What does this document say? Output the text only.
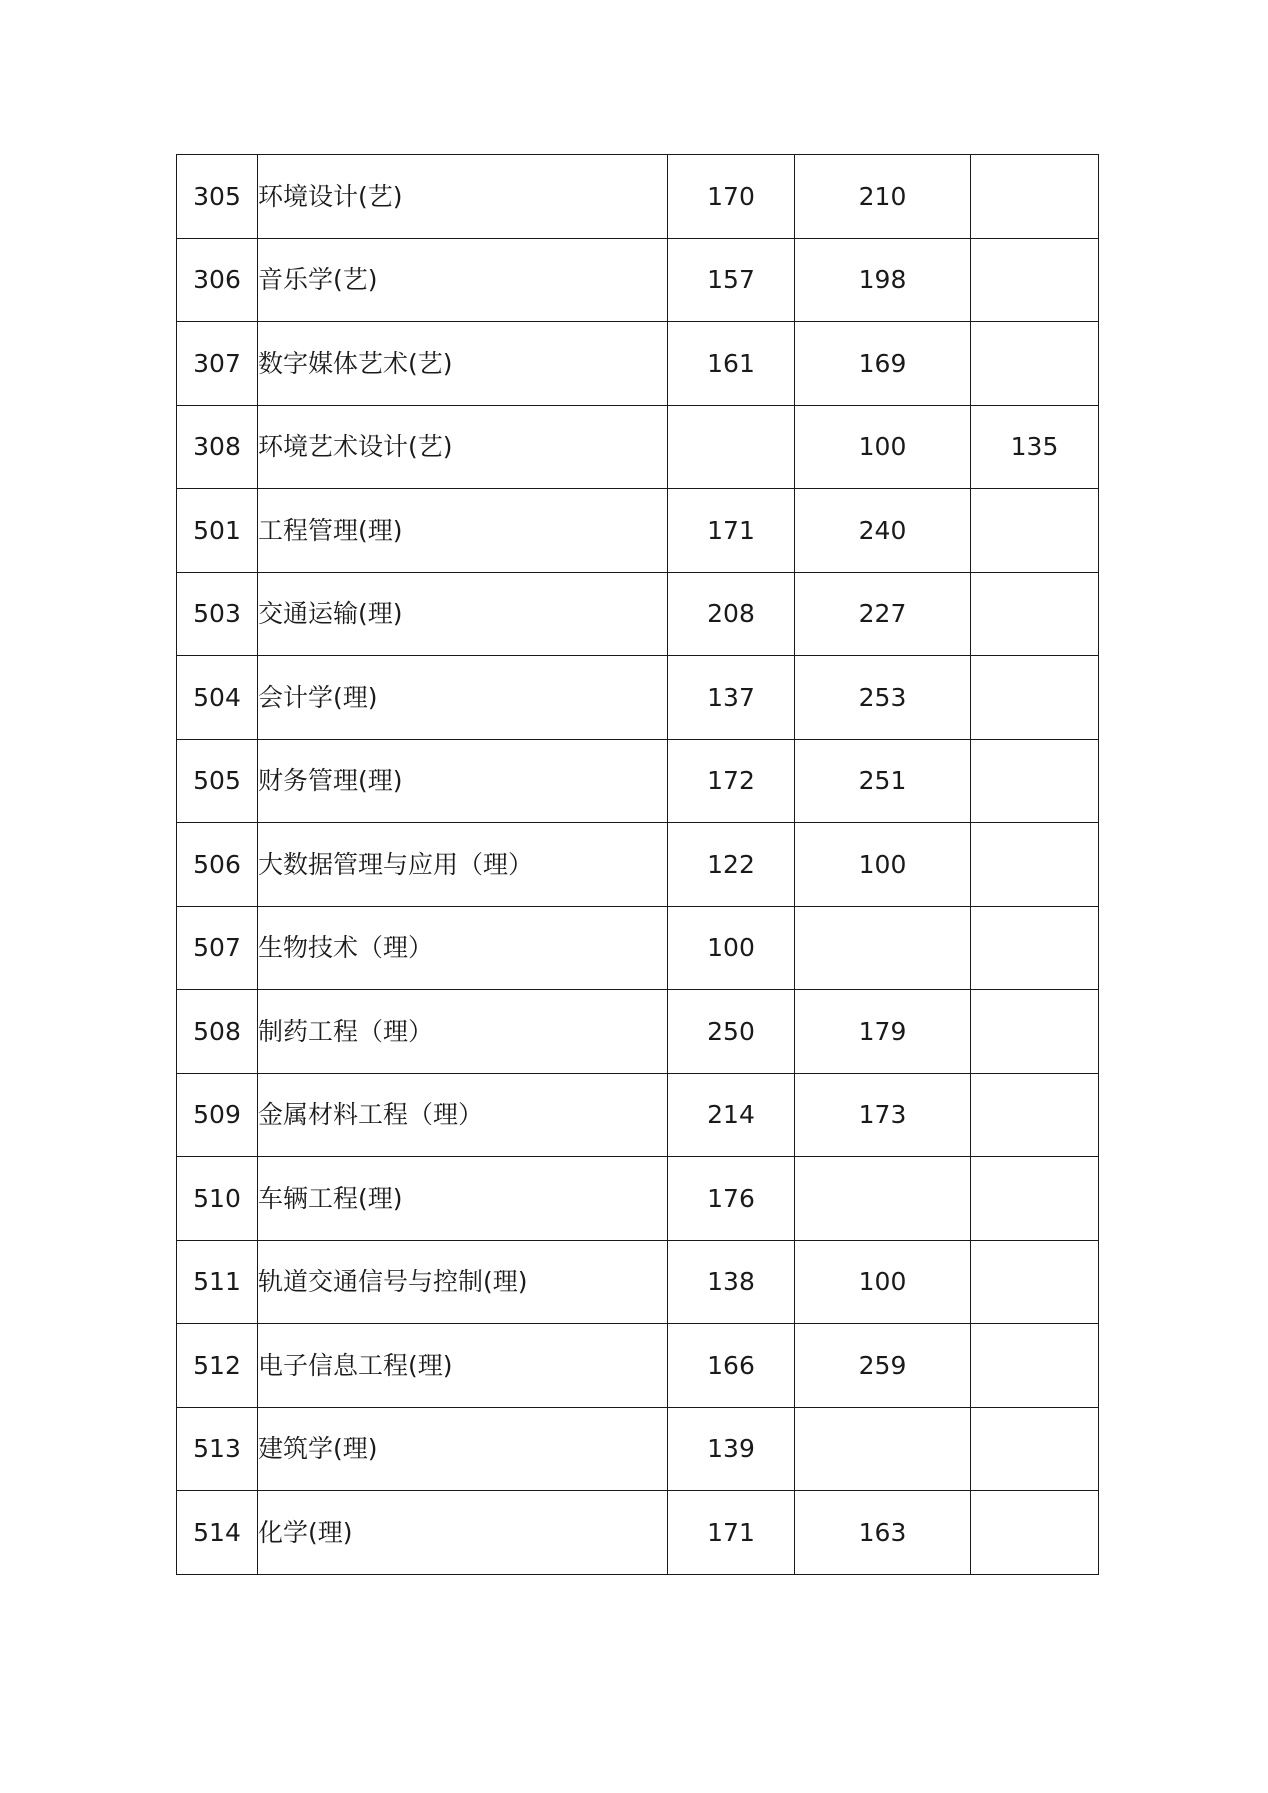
305	环境设计(艺)	170	210	
306	音乐学(艺)	157	198	
307	数字媒体艺术(艺)	161	169	
308	环境艺术设计(艺)		100	135
501	工程管理(理)	171	240	
503	交通运输(理)	208	227	
504	会计学(理)	137	253	
505	财务管理(理)	172	251	
506	大数据管理与应用（理）	122	100	
507	生物技术（理）	100		
508	制药工程（理）	250	179	
509	金属材料工程（理）	214	173	
510	车辆工程(理)	176		
511	轨道交通信号与控制(理)	138	100	
512	电子信息工程(理)	166	259	
513	建筑学(理)	139		
514	化学(理)	171	163	
